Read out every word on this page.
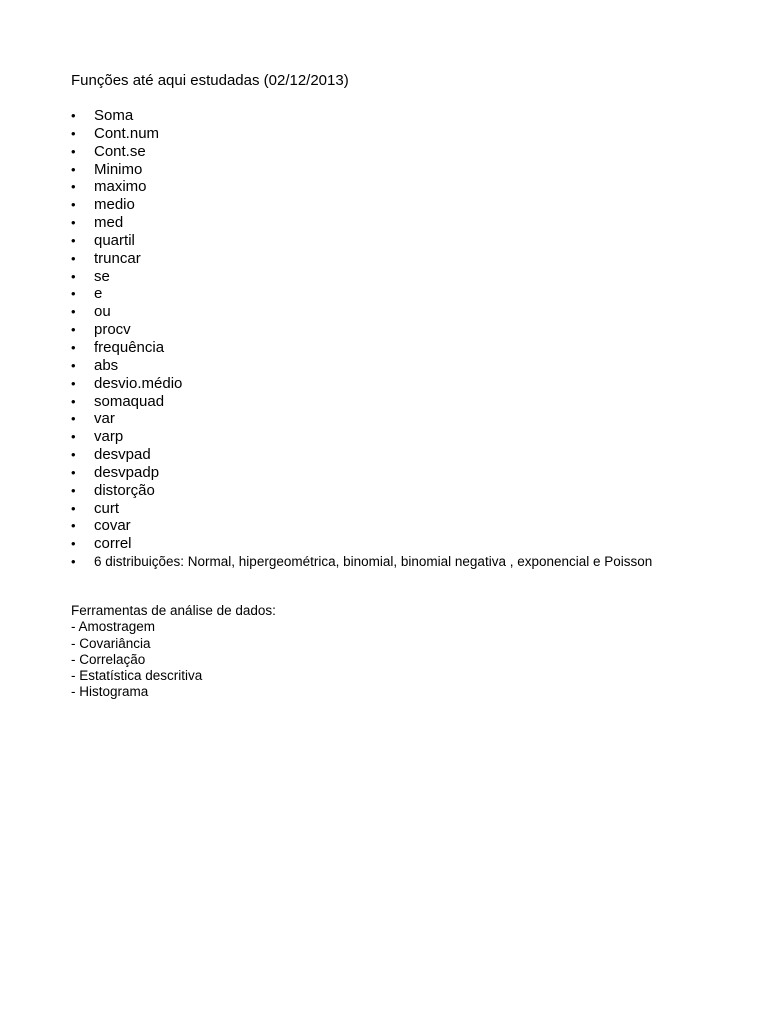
Funções até aqui estudadas (02/12/2013)
•	Soma
•	Cont.num
•	Cont.se
•	Minimo
•	maximo
•	medio
•	med
•	quartil
•	truncar
•	se
•	e
•	ou
•	procv
•	frequência
•	abs
•	desvio.médio
•	somaquad
•	var
•	varp
•	desvpad
•	desvpadp
•	distorção
•	curt
•	covar
•	correl
•	6 distribuições: Normal, hipergeométrica, binomial, binomial negativa , exponencial e Poisson
Ferramentas de análise de dados:
- Amostragem
- Covariância
- Correlação
- Estatística descritiva
- Histograma
